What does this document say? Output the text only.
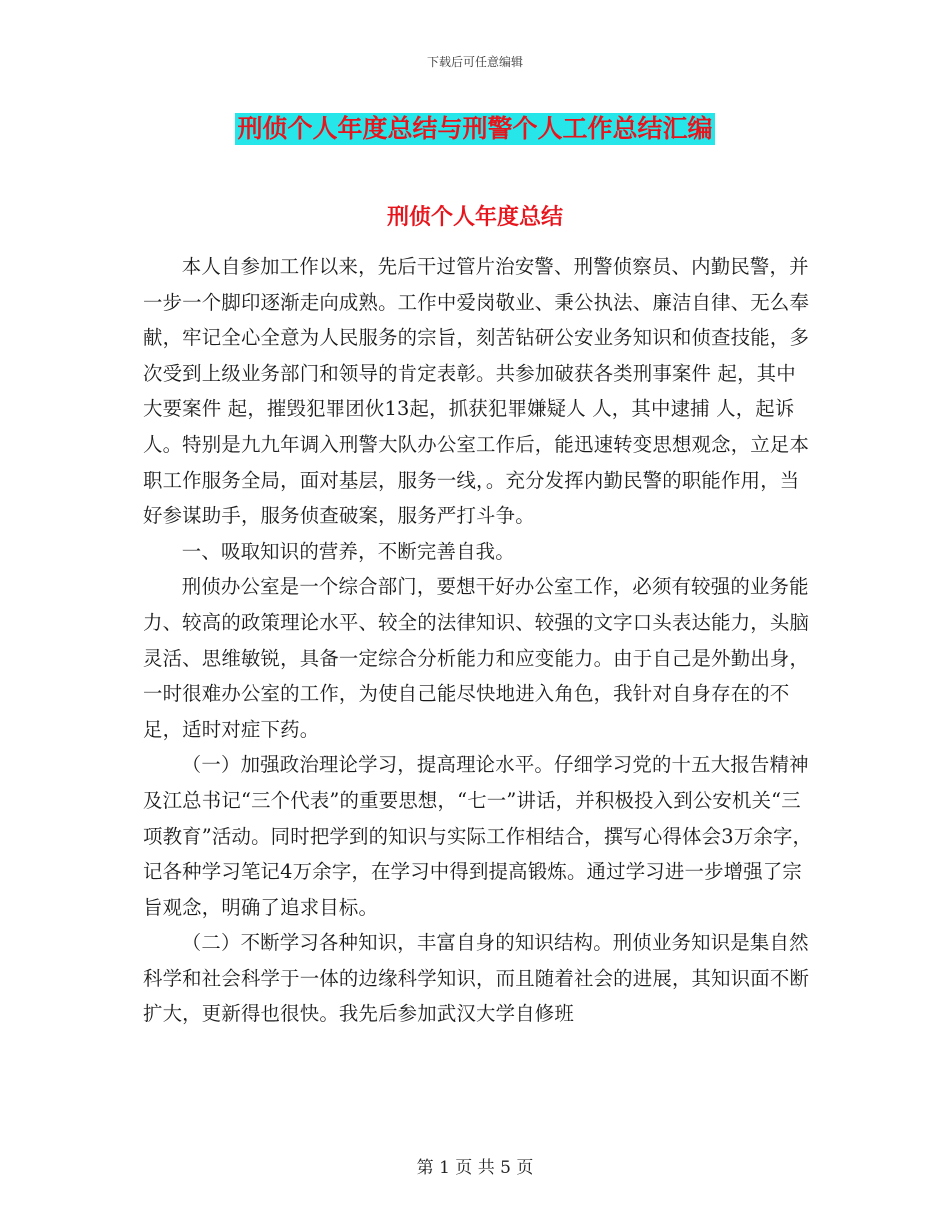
下载后可任意编辑
刑侦个人年度总结与刑警个人工作总结汇编
刑侦个人年度总结

本人自参加工作以来，先后干过管片治安警、刑警侦察员、内勤民警，并一步一个脚印逐渐走向成熟。工作中爱岗敬业、秉公执法、廉洁自律、无么奉献，牢记全心全意为人民服务的宗旨，刻苦钻研公安业务知识和侦查技能，多次受到上级业务部门和领导的肯定表彰。共参加破获各类刑事案件 起，其中大要案件 起，摧毁犯罪团伙13起，抓获犯罪嫌疑人 人，其中逮捕 人，起诉 人。特别是九九年调入刑警大队办公室工作后，能迅速转变思想观念，立足本职工作服务全局，面对基层，服务一线，。充分发挥内勤民警的职能作用，当好参谋助手，服务侦查破案，服务严打斗争。

一、吸取知识的营养，不断完善自我。

刑侦办公室是一个综合部门，要想干好办公室工作，必须有较强的业务能力、较高的政策理论水平、较全的法律知识、较强的文字口头表达能力，头脑灵活、思维敏锐，具备一定综合分析能力和应变能力。由于自己是外勤出身，一时很难办公室的工作，为使自己能尽快地进入角色，我针对自身存在的不足，适时对症下药。

（一）加强政治理论学习，提高理论水平。仔细学习党的十五大报告精神及江总书记“三个代表”的重要思想，“七一”讲话，并积极投入到公安机关“三项教育”活动。同时把学到的知识与实际工作相结合，撰写心得体会3万余字，记各种学习笔记4万余字，在学习中得到提高锻炼。通过学习进一步增强了宗旨观念，明确了追求目标。

（二）不断学习各种知识，丰富自身的知识结构。刑侦业务知识是集自然科学和社会科学于一体的边缘科学知识，而且随着社会的进展，其知识面不断扩大，更新得也很快。我先后参加武汉大学自修班

第 1 页 共 5 页
